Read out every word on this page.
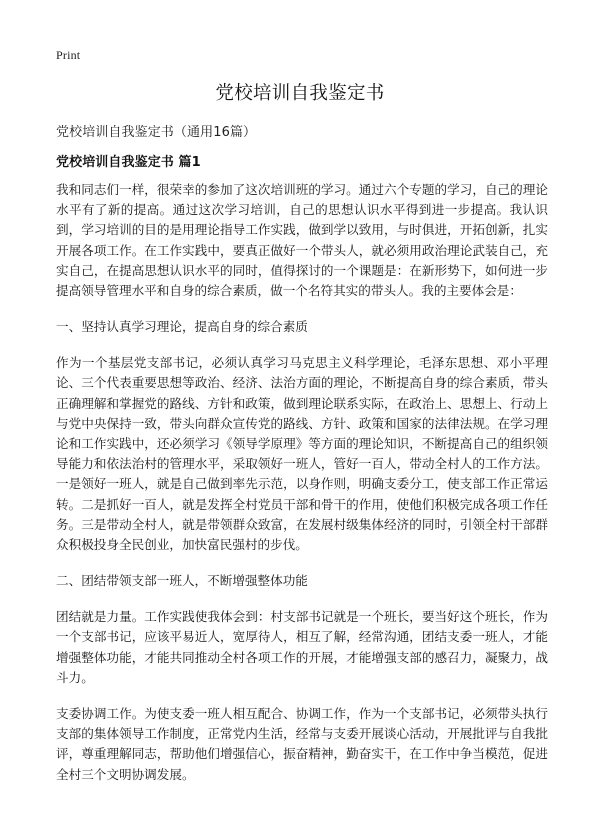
Print
党校培训自我鉴定书
党校培训自我鉴定书（通用16篇）
党校培训自我鉴定书 篇1

我和同志们一样，很荣幸的参加了这次培训班的学习。通过六个专题的学习，自己的理论水平有了新的提高。通过这次学习培训，自己的思想认识水平得到进一步提高。我认识到，学习培训的目的是用理论指导工作实践，做到学以致用，与时俱进，开拓创新，扎实开展各项工作。在工作实践中，要真正做好一个带头人，就必须用政治理论武装自己，充实自己，在提高思想认识水平的同时，值得探讨的一个课题是：在新形势下，如何进一步提高领导管理水平和自身的综合素质，做一个名符其实的带头人。我的主要体会是：

一、坚持认真学习理论，提高自身的综合素质

作为一个基层党支部书记，必须认真学习马克思主义科学理论，毛泽东思想、邓小平理论、三个代表重要思想等政治、经济、法治方面的理论，不断提高自身的综合素质，带头正确理解和掌握党的路线、方针和政策，做到理论联系实际，在政治上、思想上、行动上与党中央保持一致，带头向群众宣传党的路线、方针、政策和国家的法律法规。在学习理论和工作实践中，还必须学习《领导学原理》等方面的理论知识，不断提高自己的组织领导能力和依法治村的管理水平，采取领好一班人，管好一百人，带动全村人的工作方法。一是领好一班人，就是自己做到率先示范，以身作则，明确支委分工，使支部工作正常运转。二是抓好一百人，就是发挥全村党员干部和骨干的作用，使他们积极完成各项工作任务。三是带动全村人，就是带领群众致富，在发展村级集体经济的同时，引领全村干部群众积极投身全民创业，加快富民强村的步伐。

二、团结带领支部一班人，不断增强整体功能

团结就是力量。工作实践使我体会到：村支部书记就是一个班长，要当好这个班长，作为一个支部书记，应该平易近人，宽厚待人，相互了解，经常沟通，团结支委一班人，才能增强整体功能，才能共同推动全村各项工作的开展，才能增强支部的感召力，凝聚力，战斗力。

支委协调工作。为使支委一班人相互配合、协调工作，作为一个支部书记，必须带头执行支部的集体领导工作制度，正常党内生活，经常与支委开展谈心活动，开展批评与自我批评，尊重理解同志，帮助他们增强信心，振奋精神，勤奋实干，在工作中争当模范，促进全村三个文明协调发展。
